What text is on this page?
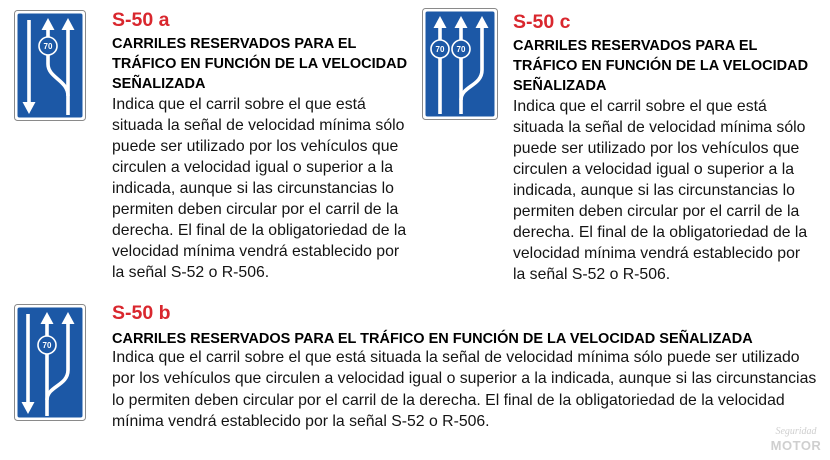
70
S-50 a
CARRILES RESERVADOS PARA EL
TRÁFICO EN FUNCIÓN DE LA VELOCIDAD
SEÑALIZADA
Indica que el carril sobre el que está
situada la señal de velocidad mínima sólo
puede ser utilizado por los vehículos que
circulen a velocidad igual o superior a la
indicada, aunque si las circunstancias lo
permiten deben circular por el carril de la
derecha. El final de la obligatoriedad de la
velocidad mínima vendrá establecido por
la señal S-52 o R-506.
70 70
S-50 c
CARRILES RESERVADOS PARA EL
TRÁFICO EN FUNCIÓN DE LA VELOCIDAD
SEÑALIZADA
Indica que el carril sobre el que está
situada la señal de velocidad mínima sólo
puede ser utilizado por los vehículos que
circulen a velocidad igual o superior a la
indicada, aunque si las circunstancias lo
permiten deben circular por el carril de la
derecha. El final de la obligatoriedad de la
velocidad mínima vendrá establecido por
la señal S-52 o R-506.
70
S-50 b
CARRILES RESERVADOS PARA EL TRÁFICO EN FUNCIÓN DE LA VELOCIDAD SEÑALIZADA
Indica que el carril sobre el que está situada la señal de velocidad mínima sólo puede ser utilizado
por los vehículos que circulen a velocidad igual o superior a la indicada, aunque si las circunstancias
lo permiten deben circular por el carril de la derecha. El final de la obligatoriedad de la velocidad
mínima vendrá establecido por la señal S-52 o R-506.
Seguridad
MOTOR
